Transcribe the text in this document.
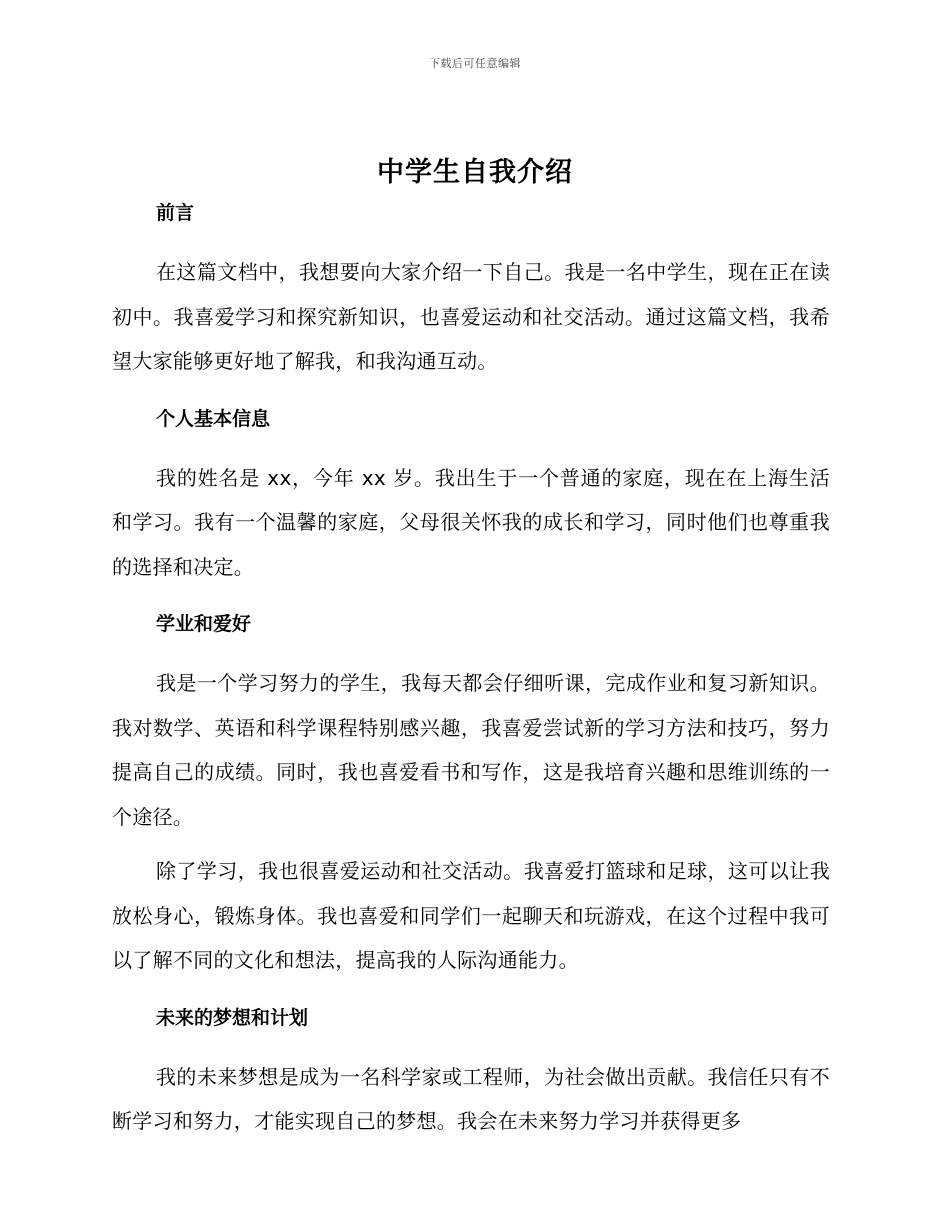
下载后可任意编辑
中学生自我介绍
前言

在这篇文档中，我想要向大家介绍一下自己。我是一名中学生，现在正在读初中。我喜爱学习和探究新知识，也喜爱运动和社交活动。通过这篇文档，我希望大家能够更好地了解我，和我沟通互动。

个人基本信息

我的姓名是 xx，今年 xx 岁。我出生于一个普通的家庭，现在在上海生活和学习。我有一个温馨的家庭，父母很关怀我的成长和学习，同时他们也尊重我的选择和决定。

学业和爱好

我是一个学习努力的学生，我每天都会仔细听课，完成作业和复习新知识。我对数学、英语和科学课程特别感兴趣，我喜爱尝试新的学习方法和技巧，努力提高自己的成绩。同时，我也喜爱看书和写作，这是我培育兴趣和思维训练的一个途径。

除了学习，我也很喜爱运动和社交活动。我喜爱打篮球和足球，这可以让我放松身心，锻炼身体。我也喜爱和同学们一起聊天和玩游戏，在这个过程中我可以了解不同的文化和想法，提高我的人际沟通能力。

未来的梦想和计划

我的未来梦想是成为一名科学家或工程师，为社会做出贡献。我信任只有不断学习和努力，才能实现自己的梦想。我会在未来努力学习并获得更多
